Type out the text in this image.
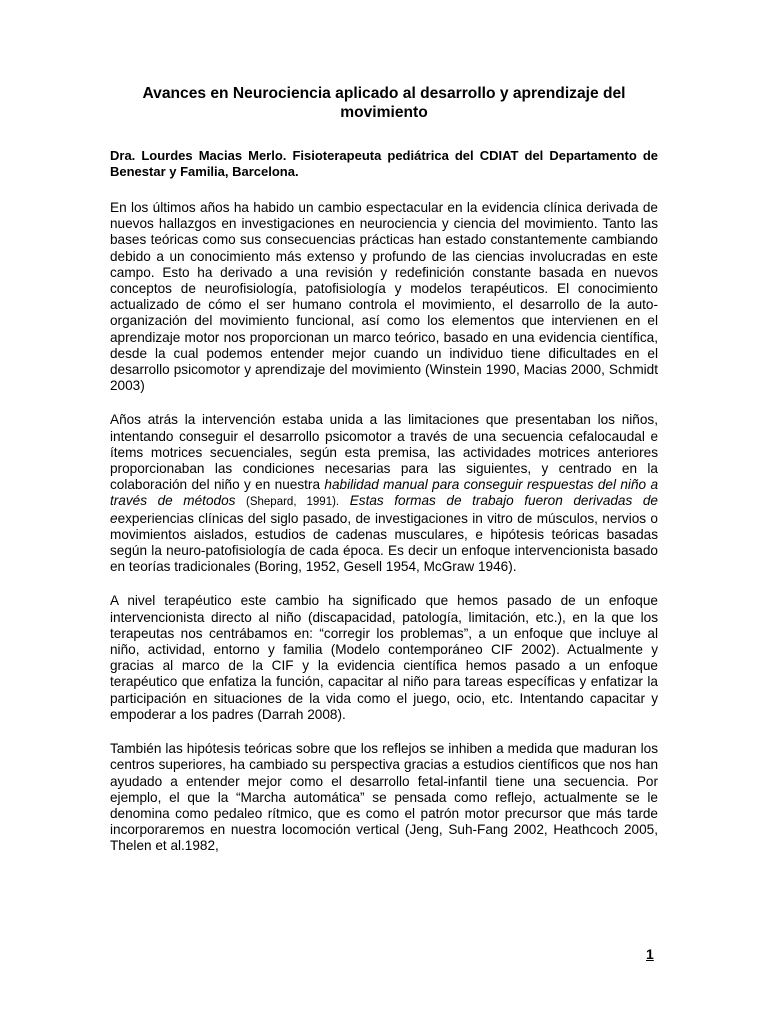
Avances en Neurociencia aplicado al desarrollo y aprendizaje del movimiento
Dra. Lourdes Macias Merlo. Fisioterapeuta pediátrica del CDIAT del Departamento de Benestar y Familia, Barcelona.

En los últimos años ha habido un cambio espectacular en la evidencia clínica derivada de nuevos hallazgos en investigaciones en neurociencia y ciencia del movimiento. Tanto las bases teóricas como sus consecuencias prácticas han estado constantemente cambiando debido a un conocimiento más extenso y profundo de las ciencias involucradas en este campo. Esto ha derivado a una revisión y redefinición constante basada en nuevos conceptos de neurofisiología, patofisiología y modelos terapéuticos. El conocimiento actualizado de cómo el ser humano controla el movimiento, el desarrollo de la auto-organización del movimiento funcional, así como los elementos que intervienen en el aprendizaje motor nos proporcionan un marco teórico, basado en una evidencia científica, desde la cual podemos entender mejor cuando un individuo tiene dificultades en el desarrollo psicomotor y aprendizaje del movimiento (Winstein 1990, Macias 2000, Schmidt 2003)

Años atrás la intervención estaba unida a las limitaciones que presentaban los niños, intentando conseguir el desarrollo psicomotor a través de una secuencia cefalocaudal e ítems motrices secuenciales, según esta premisa, las actividades motrices anteriores proporcionaban las condiciones necesarias para las siguientes, y centrado en la colaboración del niño y en nuestra habilidad manual para conseguir respuestas del niño a través de métodos (Shepard, 1991). Estas formas de trabajo fueron derivadas de eexperiencias clínicas del siglo pasado, de investigaciones in vitro de músculos, nervios o movimientos aislados, estudios de cadenas musculares, e hipótesis teóricas basadas según la neuro-patofisiología de cada época. Es decir un enfoque intervencionista basado en teorías tradicionales (Boring, 1952, Gesell 1954, McGraw 1946).

A nivel terapéutico este cambio ha significado que hemos pasado de un enfoque intervencionista directo al niño (discapacidad, patología, limitación, etc.), en la que los terapeutas nos centrábamos en: “corregir los problemas”, a un enfoque que incluye al niño, actividad, entorno y familia (Modelo contemporáneo CIF 2002). Actualmente y gracias al marco de la CIF y la evidencia científica hemos pasado a un enfoque terapéutico que enfatiza la función, capacitar al niño para tareas específicas y enfatizar la participación en situaciones de la vida como el juego, ocio, etc. Intentando capacitar y empoderar a los padres (Darrah 2008).

También las hipótesis teóricas sobre que los reflejos se inhiben a medida que maduran los centros superiores, ha cambiado su perspectiva gracias a estudios científicos que nos han ayudado a entender mejor como el desarrollo fetal-infantil tiene una secuencia. Por ejemplo, el que la “Marcha automática” se pensada como reflejo, actualmente se le denomina como pedaleo rítmico, que es como el patrón motor precursor que más tarde incorporaremos en nuestra locomoción vertical (Jeng, Suh-Fang 2002, Heathcoch 2005, Thelen et al.1982,

1
